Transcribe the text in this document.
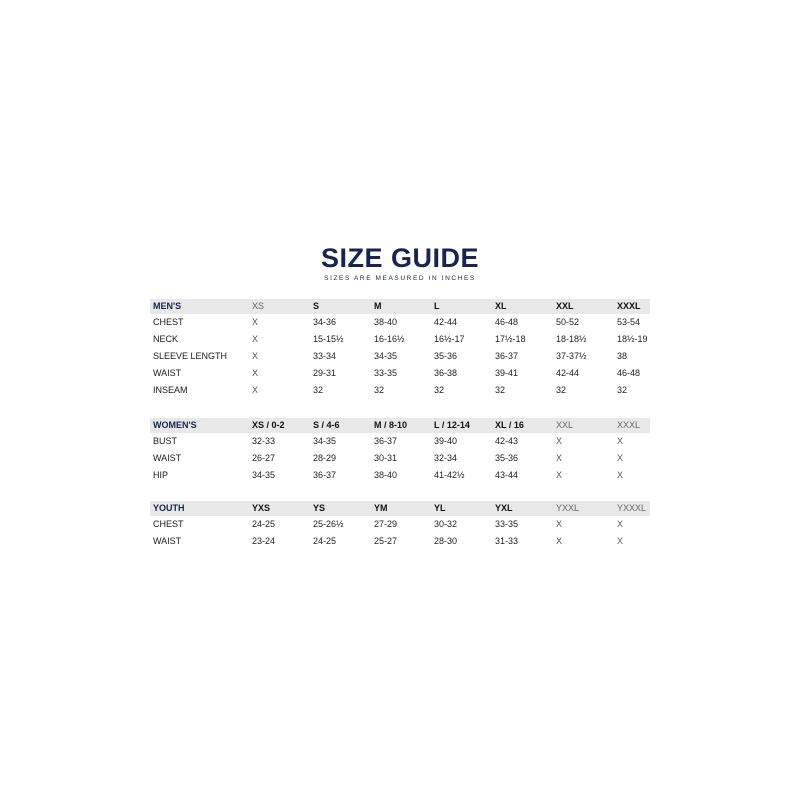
SIZE GUIDE
SIZES ARE MEASURED IN INCHES
MEN'S	XS	S	M	L	XL	XXL	XXXL
CHEST	X	34-36	38-40	42-44	46-48	50-52	53-54
NECK	X	15-15½	16-16½	16½-17	17½-18	18-18½	18½-19
SLEEVE LENGTH	X	33-34	34-35	35-36	36-37	37-37½	38
WAIST	X	29-31	33-35	36-38	39-41	42-44	46-48
INSEAM	X	32	32	32	32	32	32
WOMEN'S	XS / 0-2	S / 4-6	M / 8-10	L / 12-14	XL / 16	XXL	XXXL
BUST	32-33	34-35	36-37	39-40	42-43	X	X
WAIST	26-27	28-29	30-31	32-34	35-36	X	X
HIP	34-35	36-37	38-40	41-42½	43-44	X	X
YOUTH	YXS	YS	YM	YL	YXL	YXXL	YXXXL
CHEST	24-25	25-26½	27-29	30-32	33-35	X	X
WAIST	23-24	24-25	25-27	28-30	31-33	X	X
